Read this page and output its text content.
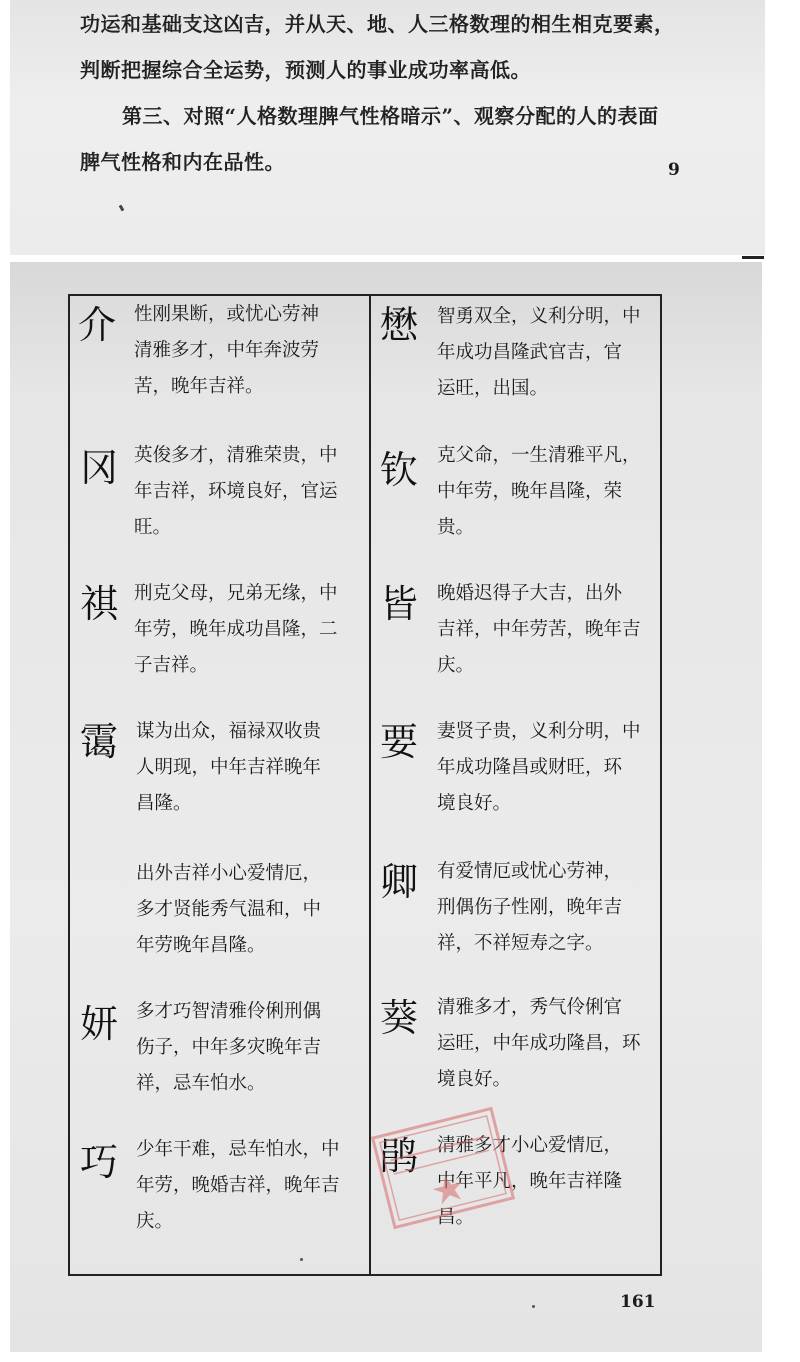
功运和基础支这凶吉，并从天、地、人三格数理的相生相克要素，
判断把握综合全运势，预测人的事业成功率高低。
第三、对照“人格数理脾气性格暗示”、观察分配的人的表面
脾气性格和内在品性。	9
介 性刚果断，或忧心劳神
清雅多才，中年奔波劳
苦，晚年吉祥。
冈 英俊多才，清雅荣贵，中
年吉祥，环境良好，官运
旺。
祺 刑克父母，兄弟无缘，中
年劳，晚年成功昌隆，二
子吉祥。
霭 谋为出众，福禄双收贵
人明现，中年吉祥晚年
昌隆。
出外吉祥小心爱情厄，
多才贤能秀气温和，中
年劳晚年昌隆。
妍 多才巧智清雅伶俐刑偶
伤子，中年多灾晚年吉
祥，忌车怕水。
巧 少年干难，忌车怕水，中
年劳，晚婚吉祥，晚年吉
庆。
懋 智勇双全，义利分明，中
年成功昌隆武官吉，官
运旺，出国。
钦 克父命，一生清雅平凡，
中年劳，晚年昌隆，荣
贵。
皆 晚婚迟得子大吉，出外
吉祥，中年劳苦，晚年吉
庆。
要 妻贤子贵，义利分明，中
年成功隆昌或财旺，环
境良好。
卿 有爱情厄或忧心劳神，
刑偶伤子性刚，晚年吉
祥，不祥短寿之字。
葵 清雅多才，秀气伶俐官
运旺，中年成功隆昌，环
境良好。
鹃 清雅多才小心爱情厄，
中年平凡，晚年吉祥隆
昌。
161
